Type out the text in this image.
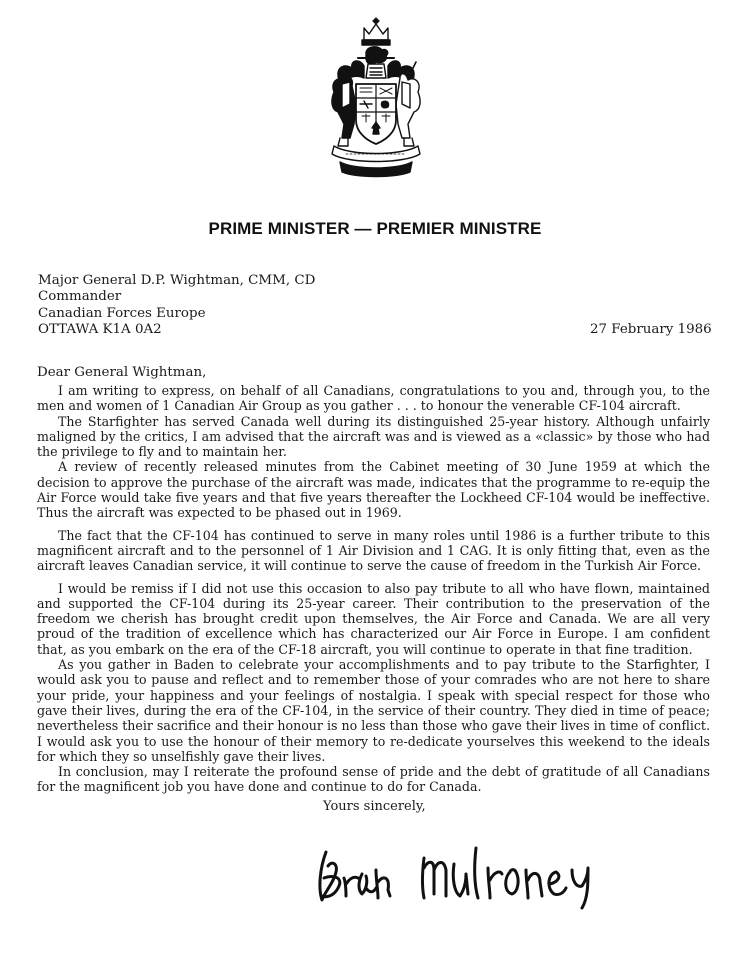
PRIME MINISTER — PREMIER MINISTRE
Major General D.P. Wightman, CMM, CD
Commander
Canadian Forces Europe
OTTAWA K1A 0A2	27 February 1986
Dear General Wightman,

I am writing to express, on behalf of all Canadians, congratulations to you and, through you, to the men and women of 1 Canadian Air Group as you gather . . . to honour the venerable CF-104 aircraft.

The Starfighter has served Canada well during its distinguished 25-year history. Although unfairly maligned by the critics, I am advised that the aircraft was and is viewed as a «classic» by those who had the privilege to fly and to maintain her.

A review of recently released minutes from the Cabinet meeting of 30 June 1959 at which the decision to approve the purchase of the aircraft was made, indicates that the programme to re-equip the Air Force would take five years and that five years thereafter the Lockheed CF-104 would be ineffective. Thus the aircraft was expected to be phased out in 1969.

The fact that the CF-104 has continued to serve in many roles until 1986 is a further tribute to this magnificent aircraft and to the personnel of 1 Air Division and 1 CAG. It is only fitting that, even as the aircraft leaves Canadian service, it will continue to serve the cause of freedom in the Turkish Air Force.

I would be remiss if I did not use this occasion to also pay tribute to all who have flown, maintained and supported the CF-104 during its 25-year career. Their contribution to the preservation of the freedom we cherish has brought credit upon themselves, the Air Force and Canada. We are all very proud of the tradition of excellence which has characterized our Air Force in Europe. I am confident that, as you embark on the era of the CF-18 aircraft, you will continue to operate in that fine tradition.

As you gather in Baden to celebrate your accomplishments and to pay tribute to the Starfighter, I would ask you to pause and reflect and to remember those of your comrades who are not here to share your pride, your happiness and your feelings of nostalgia. I speak with special respect for those who gave their lives, during the era of the CF-104, in the service of their country. They died in time of peace; nevertheless their sacrifice and their honour is no less than those who gave their lives in time of conflict. I would ask you to use the honour of their memory to re-dedicate yourselves this weekend to the ideals for which they so unselfishly gave their lives.

In conclusion, may I reiterate the profound sense of pride and the debt of gratitude of all Canadians for the magnificent job you have done and continue to do for Canada.

Yours sincerely,
